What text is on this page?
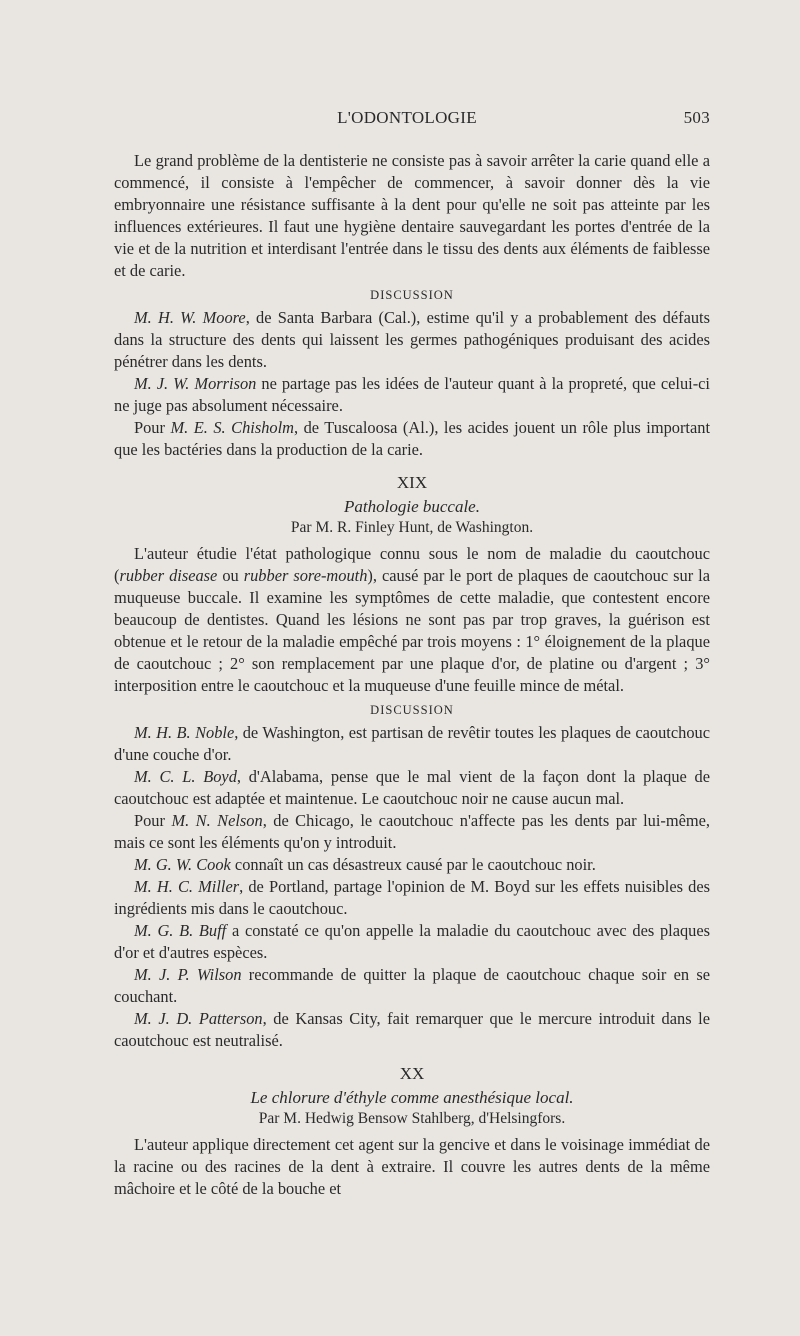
L'ODONTOLOGIE	503

Le grand problème de la dentisterie ne consiste pas à savoir arrêter la carie quand elle a commencé, il consiste à l'empêcher de commencer, à savoir donner dès la vie embryonnaire une résistance suffisante à la dent pour qu'elle ne soit pas atteinte par les influences extérieures. Il faut une hygiène dentaire sauvegardant les portes d'entrée de la vie et de la nutrition et interdisant l'entrée dans le tissu des dents aux éléments de faiblesse et de carie.

DISCUSSION

M. H. W. Moore, de Santa Barbara (Cal.), estime qu'il y a probablement des défauts dans la structure des dents qui laissent les germes pathogéniques produisant des acides pénétrer dans les dents.

M. J. W. Morrison ne partage pas les idées de l'auteur quant à la propreté, que celui-ci ne juge pas absolument nécessaire.

Pour M. E. S. Chisholm, de Tuscaloosa (Al.), les acides jouent un rôle plus important que les bactéries dans la production de la carie.

XIX
Pathologie buccale.
Par M. R. Finley Hunt, de Washington.

L'auteur étudie l'état pathologique connu sous le nom de maladie du caoutchouc (rubber disease ou rubber sore-mouth), causé par le port de plaques de caoutchouc sur la muqueuse buccale. Il examine les symptômes de cette maladie, que contestent encore beaucoup de dentistes. Quand les lésions ne sont pas par trop graves, la guérison est obtenue et le retour de la maladie empêché par trois moyens : 1° éloignement de la plaque de caoutchouc ; 2° son remplacement par une plaque d'or, de platine ou d'argent ; 3° interposition entre le caoutchouc et la muqueuse d'une feuille mince de métal.

DISCUSSION

M. H. B. Noble, de Washington, est partisan de revêtir toutes les plaques de caoutchouc d'une couche d'or.

M. C. L. Boyd, d'Alabama, pense que le mal vient de la façon dont la plaque de caoutchouc est adaptée et maintenue. Le caoutchouc noir ne cause aucun mal.

Pour M. N. Nelson, de Chicago, le caoutchouc n'affecte pas les dents par lui-même, mais ce sont les éléments qu'on y introduit.

M. G. W. Cook connaît un cas désastreux causé par le caoutchouc noir.

M. H. C. Miller, de Portland, partage l'opinion de M. Boyd sur les effets nuisibles des ingrédients mis dans le caoutchouc.

M. G. B. Buff a constaté ce qu'on appelle la maladie du caoutchouc avec des plaques d'or et d'autres espèces.

M. J. P. Wilson recommande de quitter la plaque de caoutchouc chaque soir en se couchant.

M. J. D. Patterson, de Kansas City, fait remarquer que le mercure introduit dans le caoutchouc est neutralisé.

XX
Le chlorure d'éthyle comme anesthésique local.
Par M. Hedwig Bensow Stahlberg, d'Helsingfors.

L'auteur applique directement cet agent sur la gencive et dans le voisinage immédiat de la racine ou des racines de la dent à extraire. Il couvre les autres dents de la même mâchoire et le côté de la bouche et
